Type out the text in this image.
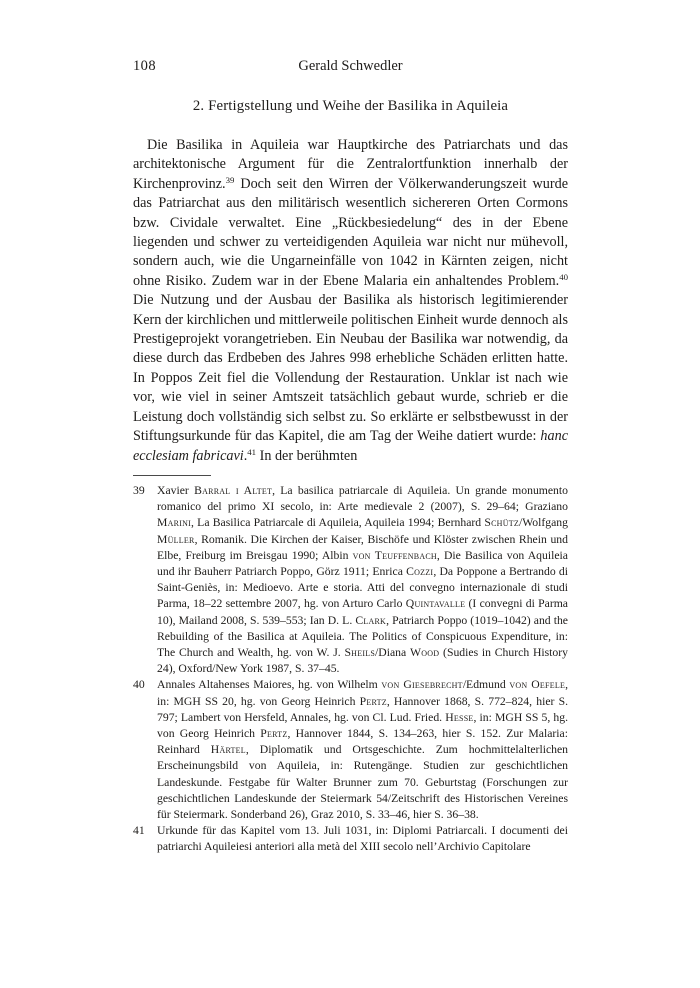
108	Gerald Schwedler
2. Fertigstellung und Weihe der Basilika in Aquileia

Die Basilika in Aquileia war Hauptkirche des Patriarchats und das architektonische Argument für die Zentralortfunktion innerhalb der Kirchenprovinz.$^{39}$ Doch seit den Wirren der Völkerwanderungszeit wurde das Patriarchat aus den militärisch wesentlich sichereren Orten Cormons bzw. Cividale verwaltet. Eine „Rückbesiedelung“ des in der Ebene liegenden und schwer zu verteidigenden Aquileia war nicht nur mühevoll, sondern auch, wie die Ungarneinfälle von 1042 in Kärnten zeigen, nicht ohne Risiko. Zudem war in der Ebene Malaria ein anhaltendes Problem.$^{40}$ Die Nutzung und der Ausbau der Basilika als historisch legitimierender Kern der kirchlichen und mittlerweile politischen Einheit wurde dennoch als Prestigeprojekt vorangetrieben. Ein Neubau der Basilika war notwendig, da diese durch das Erdbeben des Jahres 998 erhebliche Schäden erlitten hatte. In Poppos Zeit fiel die Vollendung der Restauration. Unklar ist nach wie vor, wie viel in seiner Amtszeit tatsächlich gebaut wurde, schrieb er die Leistung doch vollständig sich selbst zu. So erklärte er selbstbewusst in der Stiftungsurkunde für das Kapitel, die am Tag der Weihe datiert wurde: hanc ecclesiam fabricavi.$^{41}$ In der berühmten

39	Xavier Barral i Altet, La basilica patriarcale di Aquileia. Un grande monumento romanico del primo XI secolo, in: Arte medievale 2 (2007), S. 29–64; Graziano Marini, La Basilica Patriarcale di Aquileia, Aquileia 1994; Bernhard Schütz/Wolfgang Müller, Romanik. Die Kirchen der Kaiser, Bischöfe und Klöster zwischen Rhein und Elbe, Freiburg im Breisgau 1990; Albin von Teuffenbach, Die Basilica von Aquileia und ihr Bauherr Patriarch Poppo, Görz 1911; Enrica Cozzi, Da Poppone a Bertrando di Saint-Geniès, in: Medioevo. Arte e storia. Atti del convegno internazionale di studi Parma, 18–22 settembre 2007, hg. von Arturo Carlo Quintavalle (I convegni di Parma 10), Mailand 2008, S. 539–553; Ian D. L. Clark, Patriarch Poppo (1019–1042) and the Rebuilding of the Basilica at Aquileia. The Politics of Conspicuous Expenditure, in: The Church and Wealth, hg. von W. J. Sheils/Diana Wood (Sudies in Church History 24), Oxford/New York 1987, S. 37–45.
40	Annales Altahenses Maiores, hg. von Wilhelm von Giesebrecht/Edmund von Oefele, in: MGH SS 20, hg. von Georg Heinrich Pertz, Hannover 1868, S. 772–824, hier S. 797; Lambert von Hersfeld, Annales, hg. von Cl. Lud. Fried. Hesse, in: MGH SS 5, hg. von Georg Heinrich Pertz, Hannover 1844, S. 134–263, hier S. 152. Zur Malaria: Reinhard Härtel, Diplomatik und Ortsgeschichte. Zum hochmittelalterlichen Erscheinungsbild von Aquileia, in: Rutengänge. Studien zur geschichtlichen Landeskunde. Festgabe für Walter Brunner zum 70. Geburtstag (Forschungen zur geschichtlichen Landeskunde der Steiermark 54/Zeitschrift des Historischen Vereines für Steiermark. Sonderband 26), Graz 2010, S. 33–46, hier S. 36–38.
41	Urkunde für das Kapitel vom 13. Juli 1031, in: Diplomi Patriarcali. I documenti dei patriarchi Aquileiesi anteriori alla metà del XIII secolo nell’Archivio Capitolare
